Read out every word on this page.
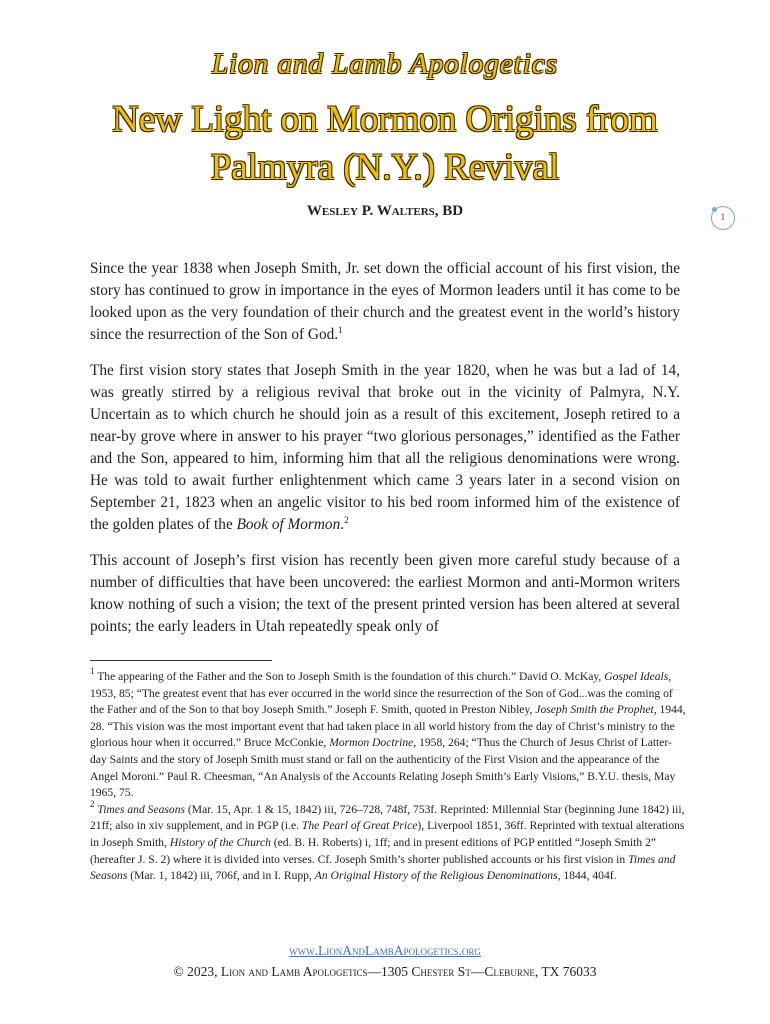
Lion and Lamb Apologetics
New Light on Mormon Origins from Palmyra (N.Y.) Revival
Wesley P. Walters, BD	1

Since the year 1838 when Joseph Smith, Jr. set down the official account of his first vision, the story has continued to grow in importance in the eyes of Mormon leaders until it has come to be looked upon as the very foundation of their church and the greatest event in the world’s history since the resurrection of the Son of God.$^1$

The first vision story states that Joseph Smith in the year 1820, when he was but a lad of 14, was greatly stirred by a religious revival that broke out in the vicinity of Palmyra, N.Y. Uncertain as to which church he should join as a result of this excitement, Joseph retired to a near-by grove where in answer to his prayer “two glorious personages,” identified as the Father and the Son, appeared to him, informing him that all the religious denominations were wrong. He was told to await further enlightenment which came 3 years later in a second vision on September 21, 1823 when an angelic visitor to his bed room informed him of the existence of the golden plates of the Book of Mormon.$^2$

This account of Joseph’s first vision has recently been given more careful study because of a number of difficulties that have been uncovered: the earliest Mormon and anti-Mormon writers know nothing of such a vision; the text of the present printed version has been altered at several points; the early leaders in Utah repeatedly speak only of

$^1$ The appearing of the Father and the Son to Joseph Smith is the foundation of this church.” David O. McKay, Gospel Ideals, 1953, 85; “The greatest event that has ever occurred in the world since the resurrection of the Son of God...was the coming of the Father and of the Son to that boy Joseph Smith.” Joseph F. Smith, quoted in Preston Nibley, Joseph Smith the Prophet, 1944, 28. “This vision was the most important event that had taken place in all world history from the day of Christ’s ministry to the glorious hour when it occurred.” Bruce McConkie, Mormon Doctrine, 1958, 264; “Thus the Church of Jesus Christ of Latter-day Saints and the story of Joseph Smith must stand or fall on the authenticity of the First Vision and the appearance of the Angel Moroni.” Paul R. Cheesman, “An Analysis of the Accounts Relating Joseph Smith’s Early Visions,” B.Y.U. thesis, May 1965, 75.

$^2$ Times and Seasons (Mar. 15, Apr. 1 & 15, 1842) iii, 726–728, 748f, 753f. Reprinted: Millennial Star (beginning June 1842) iii, 21ff; also in xiv supplement, and in PGP (i.e. The Pearl of Great Price), Liverpool 1851, 36ff. Reprinted with textual alterations in Joseph Smith, History of the Church (ed. B. H. Roberts) i, 1ff; and in present editions of PGP entitled “Joseph Smith 2” (hereafter J. S. 2) where it is divided into verses. Cf. Joseph Smith’s shorter published accounts or his first vision in Times and Seasons (Mar. 1, 1842) iii, 706f, and in I. Rupp, An Original History of the Religious Denominations, 1844, 404f.

www.LionAndLambApologetics.org
© 2023, Lion and Lamb Apologetics—1305 Chester St—Cleburne, TX 76033
